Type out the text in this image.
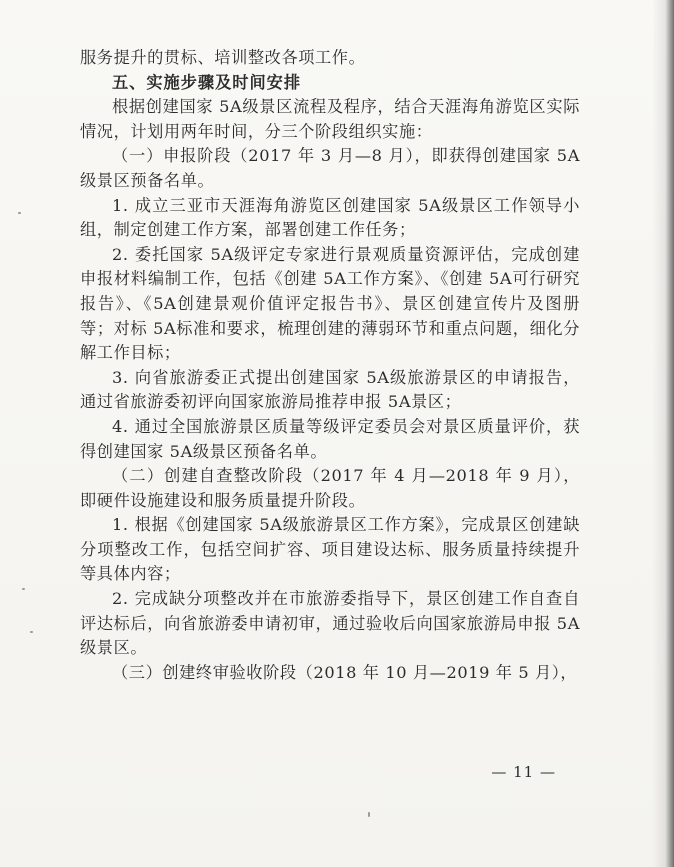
服务提升的贯标、培训整改各项工作。

五、实施步骤及时间安排

根据创建国家 5A级景区流程及程序，结合天涯海角游览区实际情况，计划用两年时间，分三个阶段组织实施：

（一）申报阶段（2017 年 3 月—8 月），即获得创建国家 5A级景区预备名单。

1. 成立三亚市天涯海角游览区创建国家 5A级景区工作领导小组，制定创建工作方案，部署创建工作任务；

2. 委托国家 5A级评定专家进行景观质量资源评估，完成创建申报材料编制工作，包括《创建 5A工作方案》、《创建 5A可行研究报告》、《5A创建景观价值评定报告书》、景区创建宣传片及图册等；对标 5A标准和要求，梳理创建的薄弱环节和重点问题，细化分解工作目标；

3. 向省旅游委正式提出创建国家 5A级旅游景区的申请报告，通过省旅游委初评向国家旅游局推荐申报 5A景区；

4. 通过全国旅游景区质量等级评定委员会对景区质量评价，获得创建国家 5A级景区预备名单。

（二）创建自查整改阶段（2017 年 4 月—2018 年 9 月），即硬件设施建设和服务质量提升阶段。

1. 根据《创建国家 5A级旅游景区工作方案》，完成景区创建缺分项整改工作，包括空间扩容、项目建设达标、服务质量持续提升等具体内容；

2. 完成缺分项整改并在市旅游委指导下，景区创建工作自查自评达标后，向省旅游委申请初审，通过验收后向国家旅游局申报 5A级景区。

（三）创建终审验收阶段（2018 年 10 月—2019 年 5 月），

— 11 —
